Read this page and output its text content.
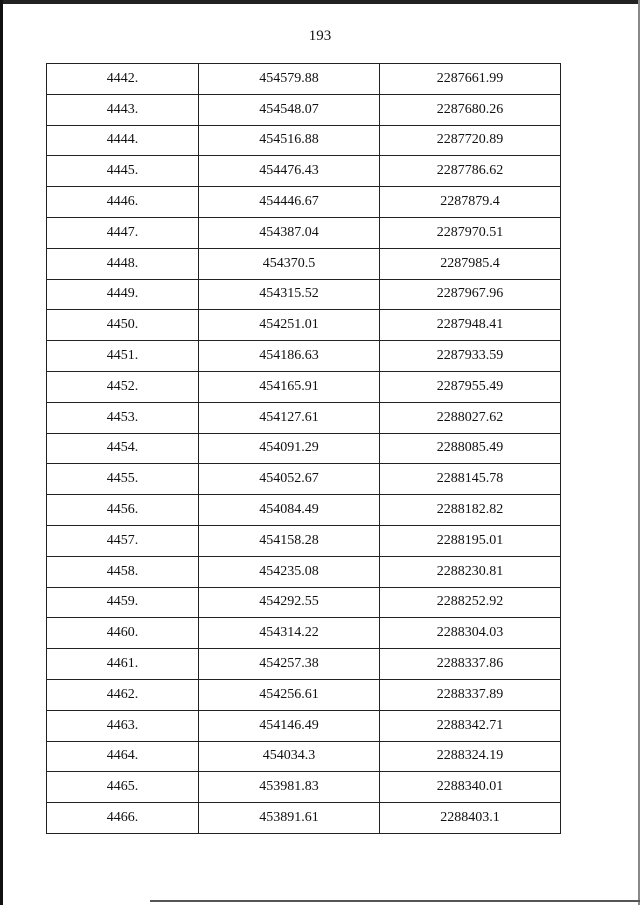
193
4442.	454579.88	2287661.99
4443.	454548.07	2287680.26
4444.	454516.88	2287720.89
4445.	454476.43	2287786.62
4446.	454446.67	2287879.4
4447.	454387.04	2287970.51
4448.	454370.5	2287985.4
4449.	454315.52	2287967.96
4450.	454251.01	2287948.41
4451.	454186.63	2287933.59
4452.	454165.91	2287955.49
4453.	454127.61	2288027.62
4454.	454091.29	2288085.49
4455.	454052.67	2288145.78
4456.	454084.49	2288182.82
4457.	454158.28	2288195.01
4458.	454235.08	2288230.81
4459.	454292.55	2288252.92
4460.	454314.22	2288304.03
4461.	454257.38	2288337.86
4462.	454256.61	2288337.89
4463.	454146.49	2288342.71
4464.	454034.3	2288324.19
4465.	453981.83	2288340.01
4466.	453891.61	2288403.1
